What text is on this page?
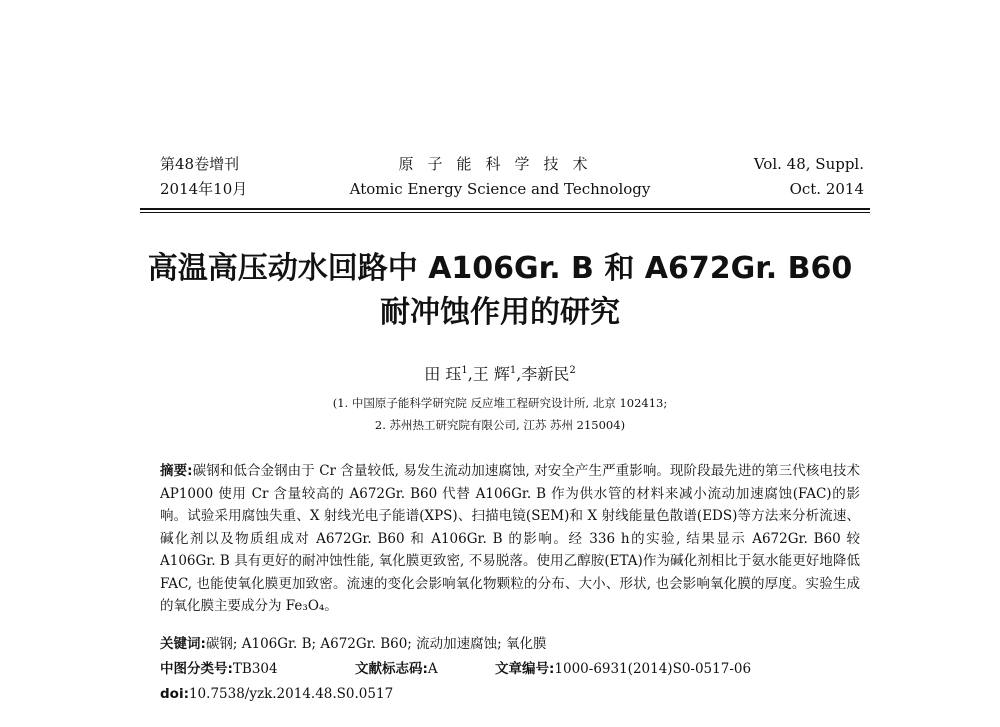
第48卷增刊
2014年10月
原子能科学技术
Atomic Energy Science and Technology
Vol. 48, Suppl.
Oct. 2014
高温高压动水回路中 A106Gr. B 和 A672Gr. B60
耐冲蚀作用的研究
田 珏$^1$,王 辉$^1$,李新民$^2$
(1. 中国原子能科学研究院 反应堆工程研究设计所, 北京 102413;
2. 苏州热工研究院有限公司, 江苏 苏州 215004)
摘要:碳钢和低合金钢由于 Cr 含量较低, 易发生流动加速腐蚀, 对安全产生严重影响。现阶段最先进的第三代核电技术 AP1000 使用 Cr 含量较高的 A672Gr. B60 代替 A106Gr. B 作为供水管的材料来减小流动加速腐蚀(FAC)的影响。试验采用腐蚀失重、X 射线光电子能谱(XPS)、扫描电镜(SEM)和 X 射线能量色散谱(EDS)等方法来分析流速、碱化剂以及物质组成对 A672Gr. B60 和 A106Gr. B 的影响。经 336 h的实验, 结果显示 A672Gr. B60 较 A106Gr. B 具有更好的耐冲蚀性能, 氧化膜更致密, 不易脱落。使用乙醇胺(ETA)作为碱化剂相比于氨水能更好地降低 FAC, 也能使氧化膜更加致密。流速的变化会影响氧化物颗粒的分布、大小、形状, 也会影响氧化膜的厚度。实验生成的氧化膜主要成分为 Fe₃O₄。
关键词:碳钢; A106Gr. B; A672Gr. B60; 流动加速腐蚀; 氧化膜
中图分类号:TB304	文献标志码:A	文章编号:1000-6931(2014)S0-0517-06
doi:10.7538/yzk.2014.48.S0.0517
